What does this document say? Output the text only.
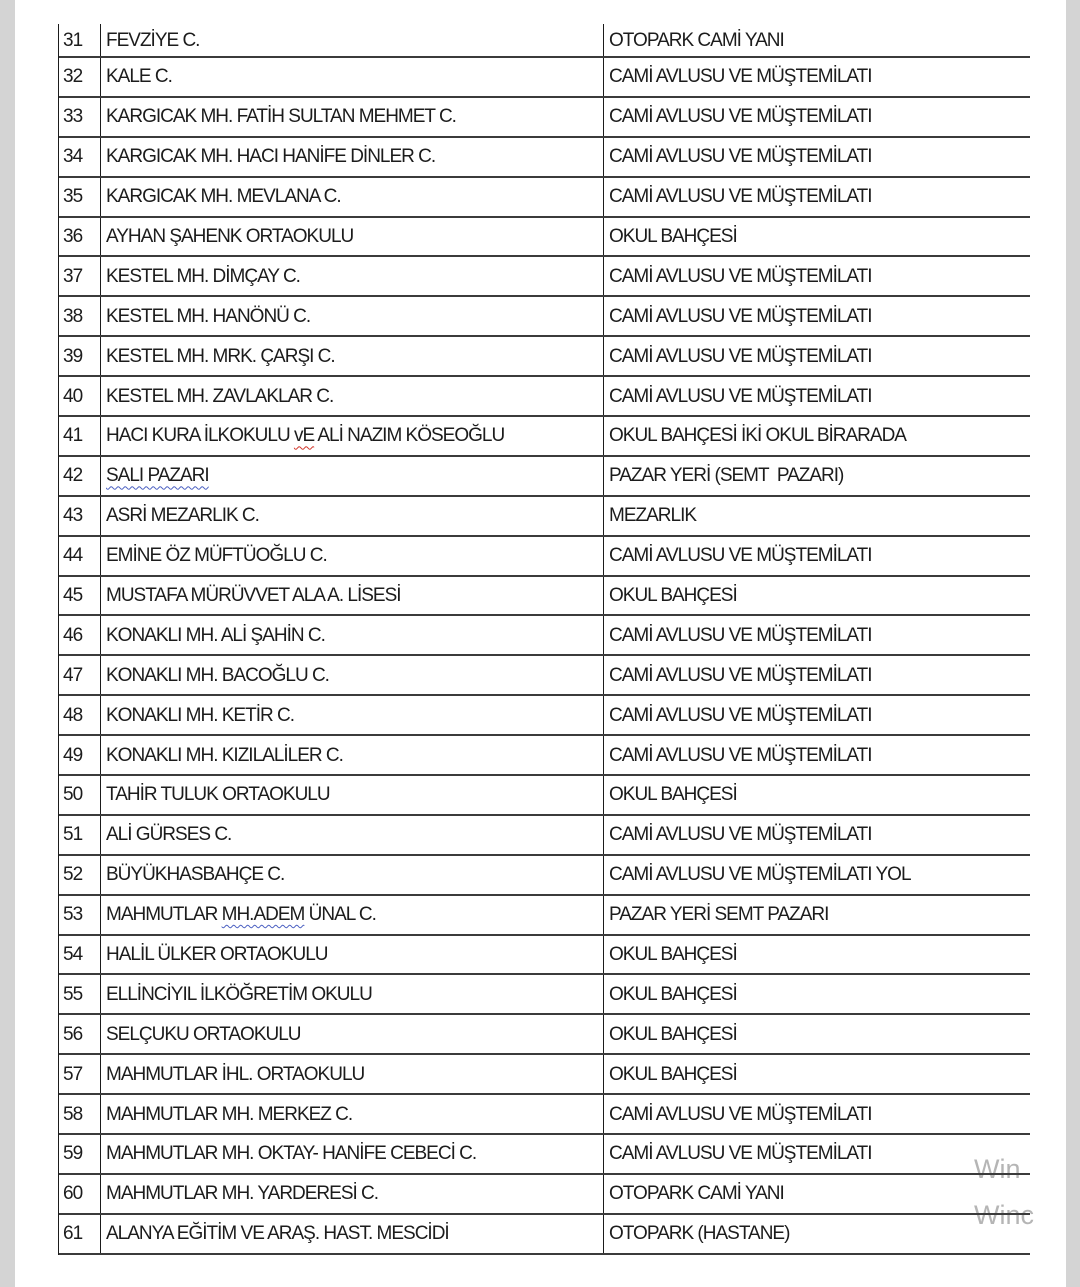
Win
Winc
31	FEVZİYE C.	OTOPARK CAMİ YANI
32	KALE C.	CAMİ AVLUSU VE MÜŞTEMİLATI
33	KARGICAK MH. FATİH SULTAN MEHMET C.	CAMİ AVLUSU VE MÜŞTEMİLATI
34	KARGICAK MH. HACI HANİFE DİNLER C.	CAMİ AVLUSU VE MÜŞTEMİLATI
35	KARGICAK MH. MEVLANA C.	CAMİ AVLUSU VE MÜŞTEMİLATI
36	AYHAN ŞAHENK ORTAOKULU	OKUL BAHÇESİ
37	KESTEL MH. DİMÇAY C.	CAMİ AVLUSU VE MÜŞTEMİLATI
38	KESTEL MH. HANÖNÜ C.	CAMİ AVLUSU VE MÜŞTEMİLATI
39	KESTEL MH. MRK. ÇARŞI C.	CAMİ AVLUSU VE MÜŞTEMİLATI
40	KESTEL MH. ZAVLAKLAR C.	CAMİ AVLUSU VE MÜŞTEMİLATI
41	HACI KURA İLKOKULU vE ALİ NAZIM KÖSEOĞLU	OKUL BAHÇESİ İKİ OKUL BİRARADA
42	SALI PAZARI	PAZAR YERİ (SEMT  PAZARI)
43	ASRİ MEZARLIK C.	MEZARLIK
44	EMİNE ÖZ MÜFTÜOĞLU C.	CAMİ AVLUSU VE MÜŞTEMİLATI
45	MUSTAFA MÜRÜVVET ALA A. LİSESİ	OKUL BAHÇESİ
46	KONAKLI MH. ALİ ŞAHİN C.	CAMİ AVLUSU VE MÜŞTEMİLATI
47	KONAKLI MH. BACOĞLU C.	CAMİ AVLUSU VE MÜŞTEMİLATI
48	KONAKLI MH. KETİR C.	CAMİ AVLUSU VE MÜŞTEMİLATI
49	KONAKLI MH. KIZILALİLER C.	CAMİ AVLUSU VE MÜŞTEMİLATI
50	TAHİR TULUK ORTAOKULU	OKUL BAHÇESİ
51	ALİ GÜRSES C.	CAMİ AVLUSU VE MÜŞTEMİLATI
52	BÜYÜKHASBAHÇE C.	CAMİ AVLUSU VE MÜŞTEMİLATI YOL
53	MAHMUTLAR MH.ADEM ÜNAL C.	PAZAR YERİ SEMT PAZARI
54	HALİL ÜLKER ORTAOKULU	OKUL BAHÇESİ
55	ELLİNCİYIL İLKÖĞRETİM OKULU	OKUL BAHÇESİ
56	SELÇUKU ORTAOKULU	OKUL BAHÇESİ
57	MAHMUTLAR İHL. ORTAOKULU	OKUL BAHÇESİ
58	MAHMUTLAR MH. MERKEZ C.	CAMİ AVLUSU VE MÜŞTEMİLATI
59	MAHMUTLAR MH. OKTAY- HANİFE CEBECİ C.	CAMİ AVLUSU VE MÜŞTEMİLATI
60	MAHMUTLAR MH. YARDERESİ C.	OTOPARK CAMİ YANI
61	ALANYA EĞİTİM VE ARAŞ. HAST. MESCİDİ	OTOPARK (HASTANE)
